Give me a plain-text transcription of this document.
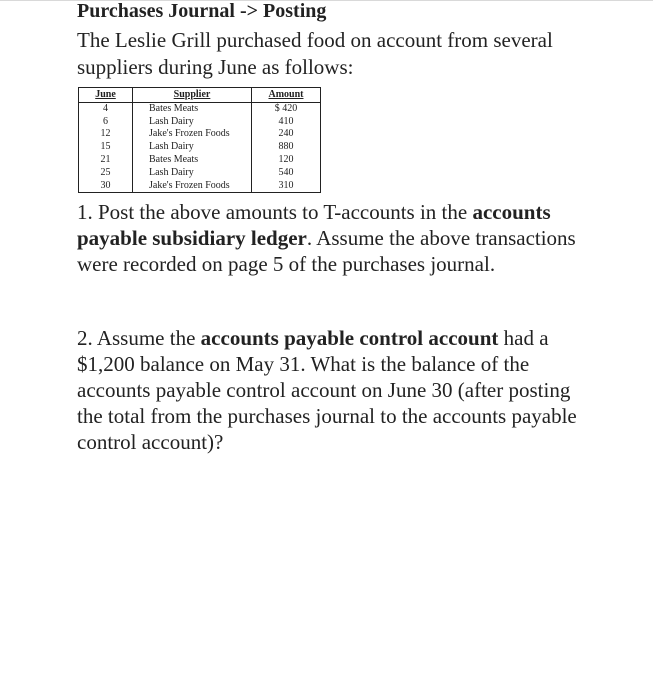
Purchases Journal -> Posting

The Leslie Grill purchased food on account from several suppliers during June as follows:

June	Supplier	Amount
4	Bates Meats	$ 420
6	Lash Dairy	410
12	Jake's Frozen Foods	240
15	Lash Dairy	880
21	Bates Meats	120
25	Lash Dairy	540
30	Jake's Frozen Foods	310

1. Post the above amounts to T-accounts in the accounts payable subsidiary ledger. Assume the above transactions were recorded on page 5 of the purchases journal.

2. Assume the accounts payable control account had a $1,200 balance on May 31. What is the balance of the accounts payable control account on June 30 (after posting the total from the purchases journal to the accounts payable control account)?
